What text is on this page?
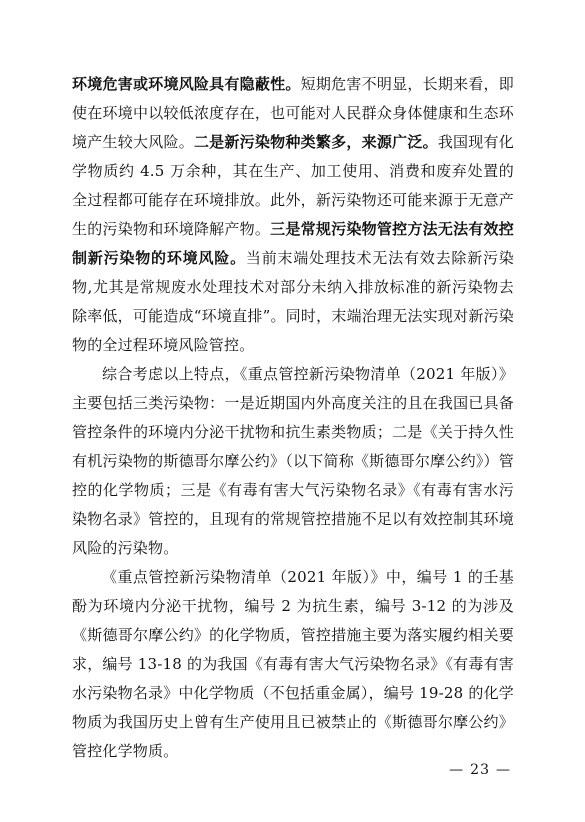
环境危害或环境风险具有隐蔽性。短期危害不明显，长期来看，即使在环境中以较低浓度存在，也可能对人民群众身体健康和生态环境产生较大风险。二是新污染物种类繁多，来源广泛。我国现有化学物质约 4.5 万余种，其在生产、加工使用、消费和废弃处置的全过程都可能存在环境排放。此外，新污染物还可能来源于无意产生的污染物和环境降解产物。三是常规污染物管控方法无法有效控制新污染物的环境风险。当前末端处理技术无法有效去除新污染物,尤其是常规废水处理技术对部分未纳入排放标准的新污染物去除率低，可能造成“环境直排”。同时，末端治理无法实现对新污染物的全过程环境风险管控。

综合考虑以上特点，《重点管控新污染物清单（2021 年版）》主要包括三类污染物：一是近期国内外高度关注的且在我国已具备管控条件的环境内分泌干扰物和抗生素类物质；二是《关于持久性有机污染物的斯德哥尔摩公约》（以下简称《斯德哥尔摩公约》）管控的化学物质；三是《有毒有害大气污染物名录》《有毒有害水污染物名录》管控的，且现有的常规管控措施不足以有效控制其环境风险的污染物。

《重点管控新污染物清单（2021 年版）》中，编号 1 的壬基酚为环境内分泌干扰物，编号 2 为抗生素，编号 3-12 的为涉及《斯德哥尔摩公约》的化学物质，管控措施主要为落实履约相关要求，编号 13-18 的为我国《有毒有害大气污染物名录》《有毒有害水污染物名录》中化学物质（不包括重金属），编号 19-28 的化学物质为我国历史上曾有生产使用且已被禁止的《斯德哥尔摩公约》管控化学物质。

— 23 —
